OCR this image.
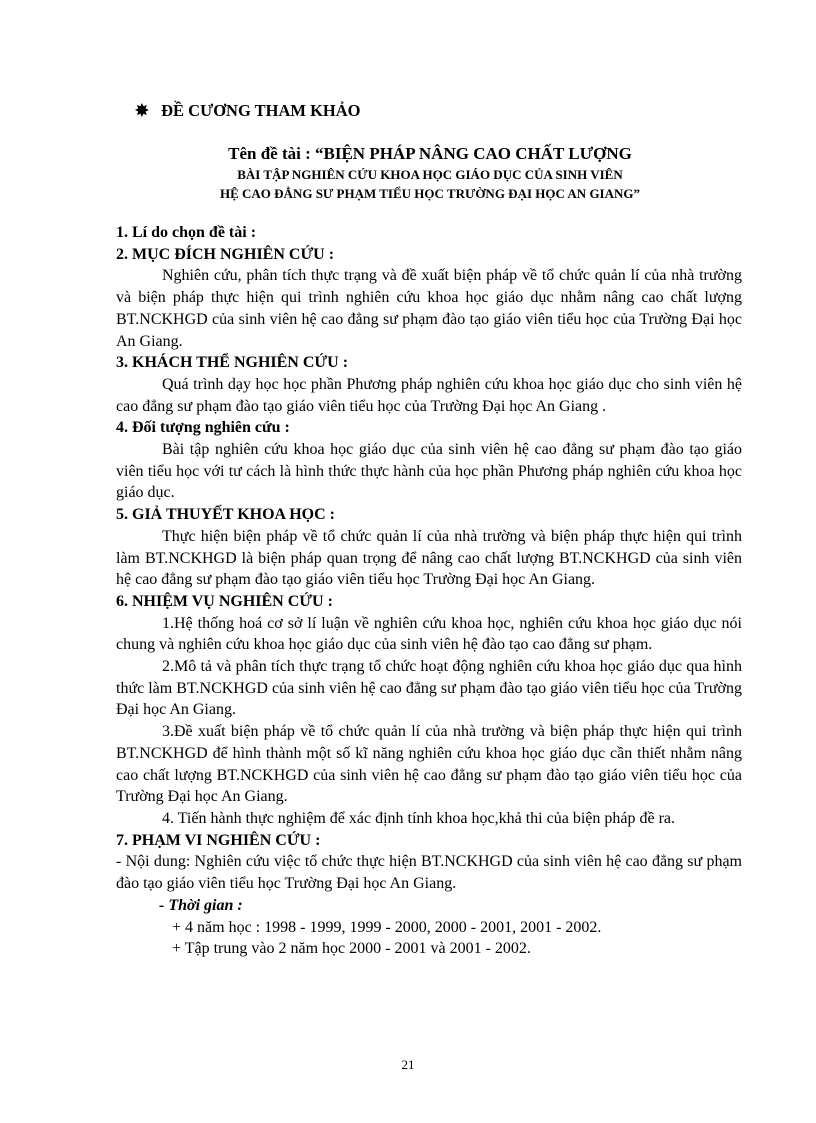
✸ ĐỀ CƯƠNG THAM KHẢO
Tên đề tài : “BIỆN PHÁP NÂNG CAO CHẤT LƯỢNG
BÀI TẬP NGHIÊN CỨU KHOA HỌC GIÁO DỤC CỦA SINH VIÊN
HỆ CAO ĐẲNG SƯ PHẠM TIỂU HỌC TRƯỜNG ĐẠI HỌC AN GIANG”

1. Lí do chọn đề tài :

2. MỤC ĐÍCH NGHIÊN CỨU :

Nghiên cứu, phân tích thực trạng và đề xuất biện pháp về tổ chức quản lí của nhà trường và biện pháp thực hiện qui trình nghiên cứu khoa học giáo dục nhằm nâng cao chất lượng BT.NCKHGD của sinh viên hệ cao đẳng sư phạm đào tạo giáo viên tiểu học của Trường Đại học An Giang.

3. KHÁCH THỂ NGHIÊN CỨU :

Quá trình dạy học học phần Phương pháp nghiên cứu khoa học giáo dục cho sinh viên hệ cao đẳng sư phạm đào tạo giáo viên tiểu học của Trường Đại học An Giang .

4. Đối tượng nghiên cứu :

Bài tập nghiên cứu khoa học giáo dục của sinh viên hệ cao đẳng sư phạm đào tạo giáo viên tiểu học với tư cách là hình thức thực hành của học phần Phương pháp nghiên cứu khoa học giáo dục.

5. GIẢ THUYẾT KHOA HỌC :

Thực hiện biện pháp về tổ chức quản lí của nhà trường và biện pháp thực hiện qui trình làm BT.NCKHGD là biện pháp quan trọng để nâng cao chất lượng BT.NCKHGD của sinh viên hệ cao đẳng sư phạm đào tạo giáo viên tiểu học Trường Đại học An Giang.

6. NHIỆM VỤ NGHIÊN CỨU :

1.Hệ thống hoá cơ sở lí luận về nghiên cứu khoa học, nghiên cứu khoa học giáo dục nói chung và nghiên cứu khoa học giáo dục của sinh viên hệ đào tạo cao đẳng sư phạm.

2.Mô tả và phân tích thực trạng tổ chức hoạt động nghiên cứu khoa học giáo dục qua hình thức làm BT.NCKHGD của sinh viên hệ cao đẳng sư phạm đào tạo giáo viên tiểu học của Trường Đại học An Giang.

3.Đề xuất biện pháp về tổ chức quản lí của nhà trường và biện pháp thực hiện qui trình BT.NCKHGD để hình thành một số kĩ năng nghiên cứu khoa học giáo dục cần thiết nhằm nâng cao chất lượng BT.NCKHGD của sinh viên hệ cao đẳng sư phạm đào tạo giáo viên tiểu học của Trường Đại học An Giang.

4. Tiến hành thực nghiệm để xác định tính khoa học,khả thi của biện pháp đề ra.

7. PHẠM VI NGHIÊN CỨU :

- Nội dung: Nghiên cứu việc tổ chức thực hiện BT.NCKHGD của sinh viên hệ cao đẳng sư phạm đào tạo giáo viên tiểu học Trường Đại học An Giang.

- Thời gian :

+ 4 năm học : 1998 - 1999, 1999 - 2000, 2000 - 2001, 2001 - 2002.

+ Tập trung vào 2 năm học 2000 - 2001 và 2001 - 2002.

21
